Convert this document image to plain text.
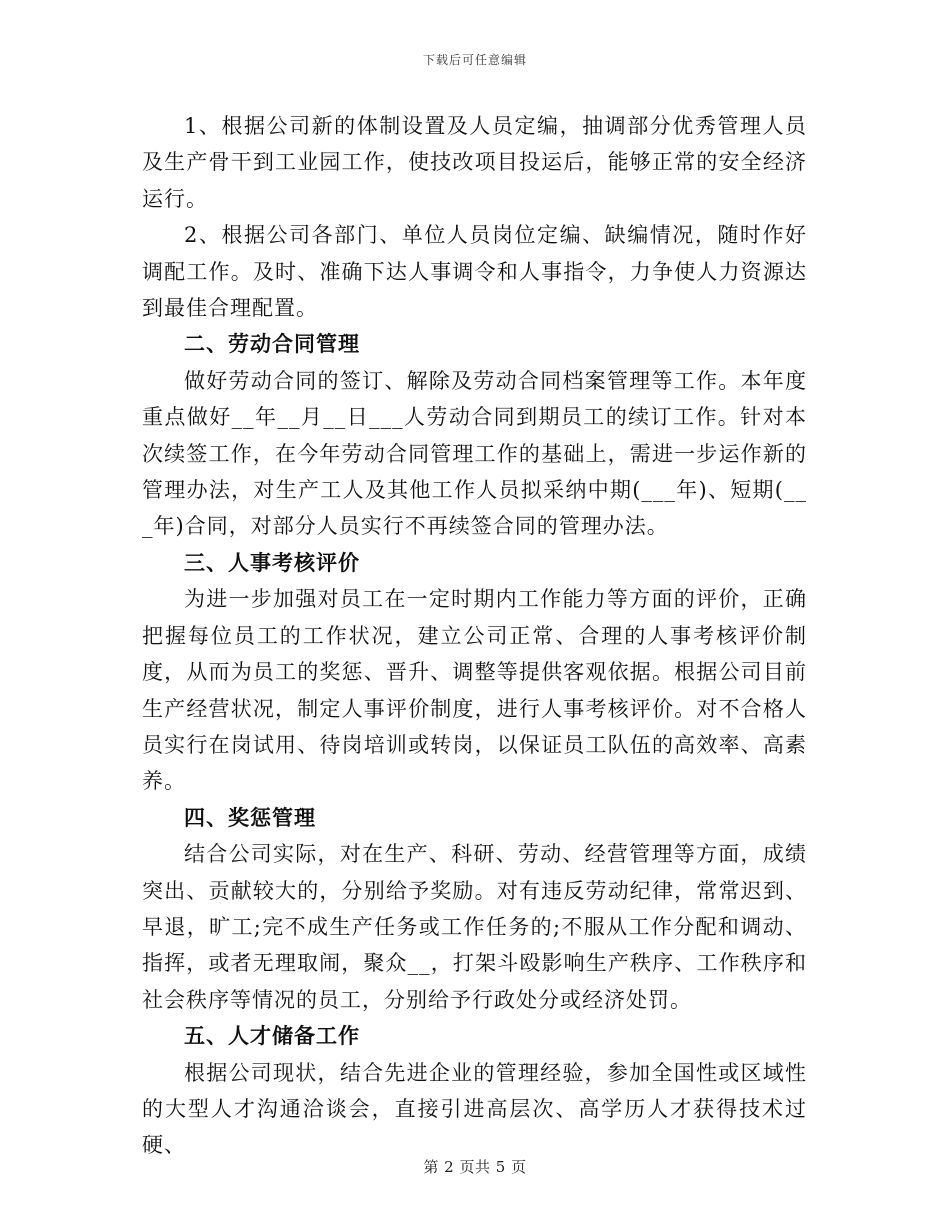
下载后可任意编辑

1、根据公司新的体制设置及人员定编，抽调部分优秀管理人员及生产骨干到工业园工作，使技改项目投运后，能够正常的安全经济运行。

2、根据公司各部门、单位人员岗位定编、缺编情况，随时作好调配工作。及时、准确下达人事调令和人事指令，力争使人力资源达到最佳合理配置。

二、劳动合同管理

做好劳动合同的签订、解除及劳动合同档案管理等工作。本年度重点做好__年__月__日___人劳动合同到期员工的续订工作。针对本次续签工作，在今年劳动合同管理工作的基础上，需进一步运作新的管理办法，对生产工人及其他工作人员拟采纳中期(___年)、短期(___年)合同，对部分人员实行不再续签合同的管理办法。

三、人事考核评价

为进一步加强对员工在一定时期内工作能力等方面的评价，正确把握每位员工的工作状况，建立公司正常、合理的人事考核评价制度，从而为员工的奖惩、晋升、调整等提供客观依据。根据公司目前生产经营状况，制定人事评价制度，进行人事考核评价。对不合格人员实行在岗试用、待岗培训或转岗，以保证员工队伍的高效率、高素养。

四、奖惩管理

结合公司实际，对在生产、科研、劳动、经营管理等方面，成绩突出、贡献较大的，分别给予奖励。对有违反劳动纪律，常常迟到、早退，旷工;完不成生产任务或工作任务的;不服从工作分配和调动、指挥，或者无理取闹，聚众__，打架斗殴影响生产秩序、工作秩序和社会秩序等情况的员工，分别给予行政处分或经济处罚。

五、人才储备工作

根据公司现状，结合先进企业的管理经验，参加全国性或区域性的大型人才沟通洽谈会，直接引进高层次、高学历人才获得技术过硬、

第 2 页共 5 页
